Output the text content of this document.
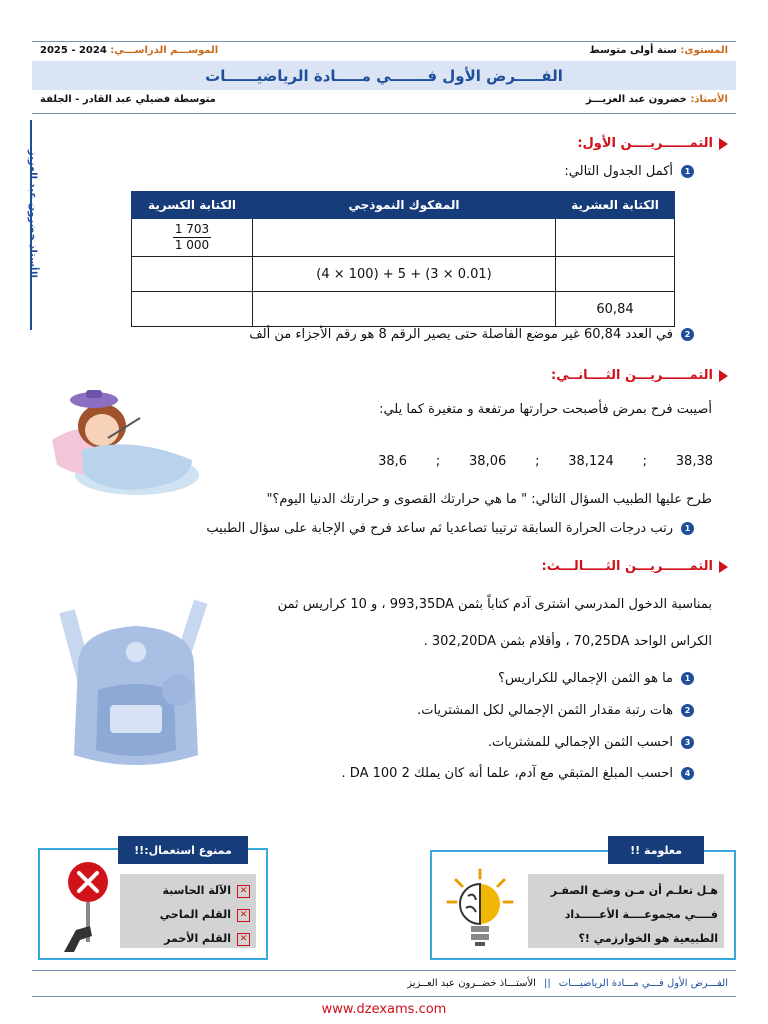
المستوى: سنة أولى متوسط
الموســـم الدراســـي: 2024 - 2025
الفـــــرض الأول فـــــــي مـــــادة الرياضيــــــات
الأستاذ: خضرون عبد العزيـــز
متوسطة فضيلي عبد القادر - الجلفة
الأستاذ خضرون عبد العزيز
التمــــــريــــن الأول:
1
أكمل الجدول التالي:
الكتابة العشرية	المفكوك النموذجي	الكتابة الكسرية

		$\frac{1 703}{1 000}$

	(4 × 100) + 5 + (3 × 0.01)	
60,84		
2
في العدد 60,84 غير موضع الفاصلة حتى يصير الرقم 8 هو رقم الأجزاء من ألف
التمــــــريـــن الثــــانــي:
أصيبت فرح بمرض فأصبحت حرارتها مرتفعة و متغيرة كما يلي:
38,38
;
38,124
;
38,06
;
38,6
طرح عليها الطبيب السؤال التالي: " ما هي حرارتك القصوى و حرارتك الدنيا اليوم؟"
1
رتب درجات الحرارة السابقة ترتيبا تصاعديا ثم ساعد فرح في الإجابة على سؤال الطبيب
التمــــــريـــن الثـــــالـــث:
بمناسبة الدخول المدرسي اشترى آدم كتاباً بثمن 993,35DA ، و 10 كراريس ثمن
الكراس الواحد 70,25DA ، وأقلام بثمن 302,20DA .
1
ما هو الثمن الإجمالي للكراريس؟
2
هات رتبة مقدار الثمن الإجمالي لكل المشتريات.
3
احسب الثمن الإجمالي للمشتريات.
4
احسب المبلغ المتبقي مع آدم، علما أنه كان يملك 2 100 DA .
ممنوع استعمال:!!
✕
الآلة الحاسبة
✕
القلم الماحي
✕
القلم الأحمر
معلومة !!
هـل تعلـم أن مـن وضـع الصفـر
فــــي مجموعــــة الأعـــــداد
الطبيعية هو الخوارزمي !؟
الفـــرض الأول فـــي مـــادة الرياضيـــات
||
الأستـــاذ خضــرون عبد العــزيز
www.dzexams.com
